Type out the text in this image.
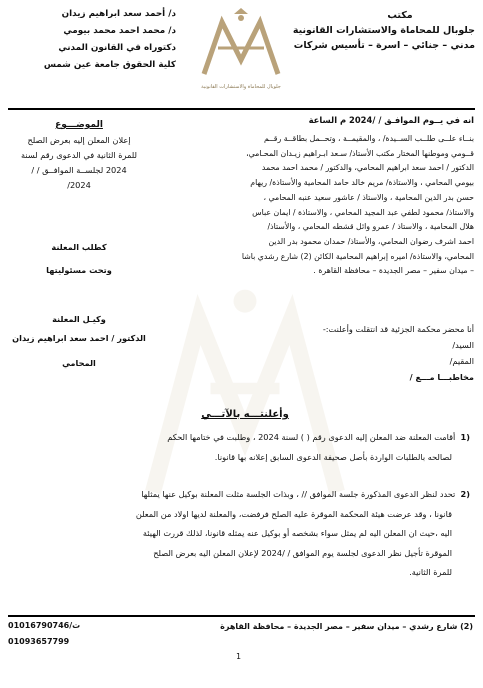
مكتب
جلوبال للمحاماة والاستشارات القانونية
مدني – جنائي – اسرة – تأسيس شركات
جلوبال للمحاماة والاستشارات القانونية
د/ أحمد سعد ابراهيم زيدان
د/ محمد احمد محمد بيومي
دكتوراه في القانون المدني
كلية الحقوق جامعة عين شمس
الموضـــوع
إعلان المعلن إليه بعرض الصلح
للمرة الثانية في الدعوى رقم لسنة
2024 لجلســة الموافــق / /
2024/
كطلب المعلنة
وتحت مسئوليتها
وكيـل المعلنة
الدكتور / احمد سعد ابراهيم زيدان
المحامي
انه في يــوم الموافـق / /2024 م الساعة
بنــاء علــى طلــب الســيدة/ ، والمقيمــة ، وتحــمل بطاقــة رقــم
قــومي وموطنها المختار مكتب الأستاذ/ سـعد ابـراهيم زيـدان المحـامي،
الدكتور / احمد سعد ابراهيم المحامي، والدكتور / محمد احمد محمد
بيومي المحامي ، والاستاذة/ مريم خالد حامد المحامية والأستاذة/ ريهام
حسن بدر الدين المحامية ، والاستاذ / عاشور سعيد عنبه المحامي ،
والاستاذ/ محمود لطفي عبد المجيد المحامي ، والاستاذة / ايمان عباس
هلال المحامية ، والاستاذ / عمرو وائل قشطه المحامي ، والأستاذ/
احمد اشرف رضوان المحامي، والأستاذ/ حمدان محمود بدر الدين
المحامي، والاستاذة/ اميره إبراهيم المحامية الكائن (2) شارع رشدي باشا
– ميدان سفير – مصر الجديدة – محافظة القاهرة .
أنا محضر محكمة الجزئية قد انتقلت وأعلنت:-
السيد/
المقيم/
مخاطبـــا مـــع /
وأعلنتـــه بالآتـــي
(1  أقامت المعلنة ضد المعلن إليه الدعوى رقم ( ) لسنة 2024 ، وطلبت في ختامها الحكم
لصالحه بالطلبات الواردة بأصل صحيفة الدعوى السابق إعلانه بها قانونا.
(2  تحدد لنظر الدعوى المذكورة جلسة الموافق // ، وبذات الجلسة مثلت المعلنة بوكيل عنها يمثلها
قانونا ، وقد عرضت هيئة المحكمة الموقرة عليه الصلح فرفضت، والمعلنة لديها اولاد من المعلن
اليه ،حيث ان المعلن اليه لم يمثل سواء بشخصه أو بوكيل عنه يمثله قانونا، لذلك قررت الهيئة
الموقرة تأجيل نظر الدعوى لجلسة يوم الموافق / /2024 لإعلان المعلن اليه بعرض الصلح
للمرة الثانية.
(2) شارع رشدي – ميدان سفير – مصر الجديدة – محافظة القاهرة
ت/01016790746
01093657799
1
